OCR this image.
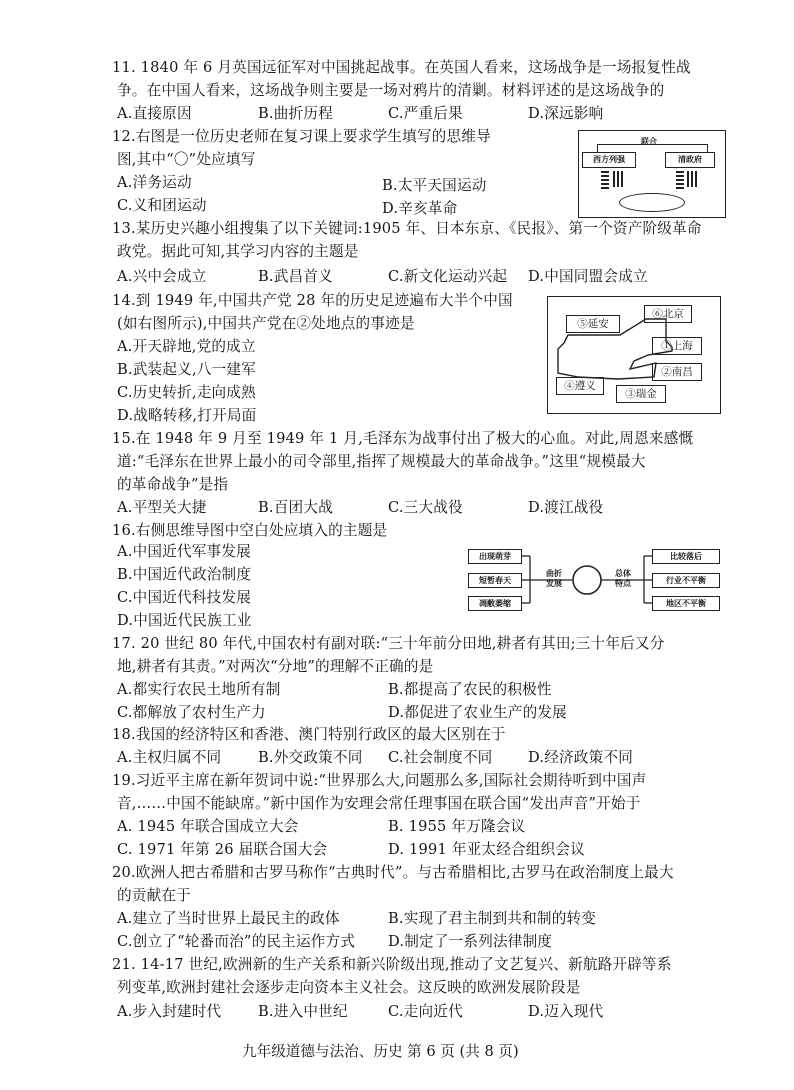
11. 1840 年 6 月英国远征军对中国挑起战事。在英国人看来，这场战争是一场报复性战
争。在中国人看来，这场战争则主要是一场对鸦片的清剿。材料评述的是这场战争的
A.直接原因	B.曲折历程	C.严重后果	D.深远影响
12.右图是一位历史老师在复习课上要求学生填写的思维导
图,其中“〇”处应填写
A.洋务运动	B.太平天国运动
C.义和团运动	D.辛亥革命
联合
西方列强	清政府
13.某历史兴趣小组搜集了以下关键词:1905 年、日本东京、《民报》、第一个资产阶级革命
政党。据此可知,其学习内容的主题是
A.兴中会成立	B.武昌首义	C.新文化运动兴起 D.中国同盟会成立
14.到 1949 年,中国共产党 28 年的历史足迹遍布大半个中国
(如右图所示),中国共产党在②处地点的事迹是
A.开天辟地,党的成立
B.武装起义,八一建军
C.历史转折,走向成熟
D.战略转移,打开局面
⑤延安
⑥北京
①上海
②南昌
④遵义
③瑞金
15.在 1948 年 9 月至 1949 年 1 月,毛泽东为战事付出了极大的心血。对此,周恩来感慨
道:“毛泽东在世界上最小的司令部里,指挥了规模最大的革命战争。”这里“规模最大
的革命战争”是指
A.平型关大捷	B.百团大战	C.三大战役	D.渡江战役
16.右侧思维导图中空白处应填入的主题是
A.中国近代军事发展
B.中国近代政治制度
C.中国近代科技发展
D.中国近代民族工业
出现萌芽
短暂春天
凋敝萎缩
曲折
发展
总体
特点
比较落后
行业不平衡
地区不平衡
17. 20 世纪 80 年代,中国农村有副对联:“三十年前分田地,耕者有其田;三十年后又分
地,耕者有其责。”对两次“分地”的理解不正确的是
A.都实行农民土地所有制	B.都提高了农民的积极性
C.都解放了农村生产力	D.都促进了农业生产的发展
18.我国的经济特区和香港、澳门特别行政区的最大区别在于
A.主权归属不同	B.外交政策不同 C.社会制度不同 D.经济政策不同
19.习近平主席在新年贺词中说:“世界那么大,问题那么多,国际社会期待听到中国声
音,……中国不能缺席。”新中国作为安理会常任理事国在联合国“发出声音”开始于
A. 1945 年联合国成立大会	B. 1955 年万隆会议
C. 1971 年第 26 届联合国大会	D. 1991 年亚太经合组织会议
20.欧洲人把古希腊和古罗马称作“古典时代”。与古希腊相比,古罗马在政治制度上最大
的贡献在于
A.建立了当时世界上最民主的政体	B.实现了君主制到共和制的转变
C.创立了“轮番而治”的民主运作方式 D.制定了一系列法律制度
21. 14-17 世纪,欧洲新的生产关系和新兴阶级出现,推动了文艺复兴、新航路开辟等系
列变革,欧洲封建社会逐步走向资本主义社会。这反映的欧洲发展阶段是
A.步入封建时代	B.进入中世纪	C.走向近代	D.迈入现代
九年级道德与法治、历史 第 6 页 (共 8 页)
